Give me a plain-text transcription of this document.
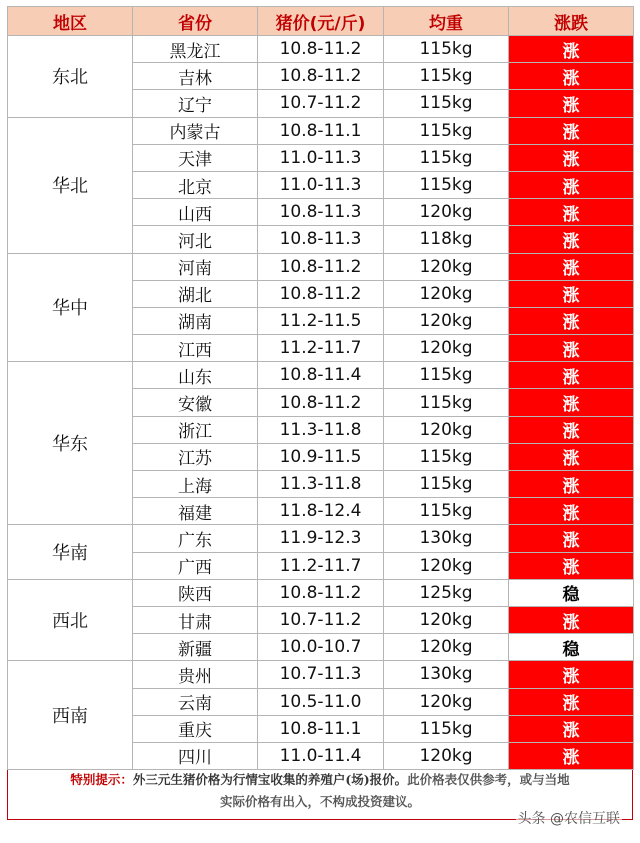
地区	省份	猪价(元/斤)	均重	涨跌
东北	黑龙江	10.8-11.2	115kg	涨
	吉林	10.8-11.2	115kg	涨
	辽宁	10.7-11.2	115kg	涨
华北	内蒙古	10.8-11.1	115kg	涨
	天津	11.0-11.3	115kg	涨
	北京	11.0-11.3	115kg	涨
	山西	10.8-11.3	120kg	涨
	河北	10.8-11.3	118kg	涨
华中	河南	10.8-11.2	120kg	涨
	湖北	10.8-11.2	120kg	涨
	湖南	11.2-11.5	120kg	涨
	江西	11.2-11.7	120kg	涨
华东	山东	10.8-11.4	115kg	涨
	安徽	10.8-11.2	115kg	涨
	浙江	11.3-11.8	120kg	涨
	江苏	10.9-11.5	115kg	涨
	上海	11.3-11.8	115kg	涨
	福建	11.8-12.4	115kg	涨
华南	广东	11.9-12.3	130kg	涨
	广西	11.2-11.7	120kg	涨
西北	陕西	10.8-11.2	125kg	稳
	甘肃	10.7-11.2	120kg	涨
	新疆	10.0-10.7	120kg	稳
西南	贵州	10.7-11.3	130kg	涨
	云南	10.5-11.0	120kg	涨
	重庆	10.8-11.1	115kg	涨
	四川	11.0-11.4	120kg	涨
特别提示：外三元生猪价格为行情宝收集的养殖户(场)报价。此价格表仅供参考，或与当地
实际价格有出入，不构成投资建议。
头条 @农信互联
